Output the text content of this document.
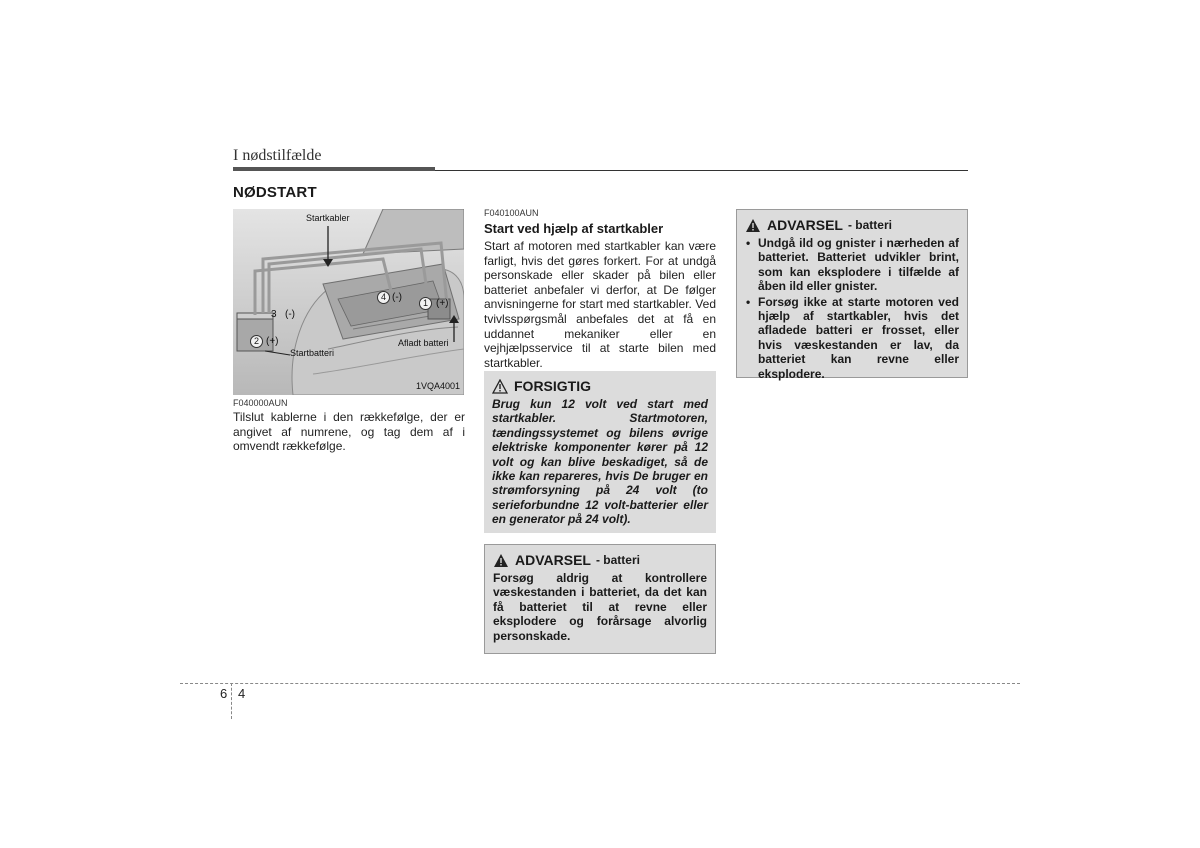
I nødstilfælde
NØDSTART
Startkabler
Startbatteri
Afladt batteri
1VQA4001
1 (+)
2 (+)
3 (-)
4 (-)
F040000AUN
Tilslut kablerne i den rækkefølge, der er angivet af numrene, og tag dem af i omvendt rækkefølge.
F040100AUN
Start ved hjælp af startkabler
Start af motoren med startkabler kan være farligt, hvis det gøres forkert. For at undgå personskade eller skader på bilen eller batteriet anbefaler vi derfor, at De følger anvisningerne for start med startkabler. Ved tvivlsspørgsmål anbefales det at få en uddannet mekaniker eller en vejhjælpsservice til at starte bilen med startkabler.
FORSIGTIG
Brug kun 12 volt ved start med startkabler. Startmotoren, tændingssystemet og bilens øvrige elektriske komponenter kører på 12 volt og kan blive beskadiget, så de ikke kan repareres, hvis De bruger en strømforsyning på 24 volt (to serieforbundne 12 volt-batterier eller en generator på 24 volt).
ADVARSEL - batteri
Forsøg aldrig at kontrollere væskestanden i batteriet, da det kan få batteriet til at revne eller eksplodere og forårsage alvorlig personskade.
ADVARSEL - batteri
• Undgå ild og gnister i nærheden af batteriet. Batteriet udvikler brint, som kan eksplodere i tilfælde af åben ild eller gnister.
• Forsøg ikke at starte motoren ved hjælp af startkabler, hvis det afladede batteri er frosset, eller hvis væskestanden er lav, da batteriet kan revne eller eksplodere.
6 4
